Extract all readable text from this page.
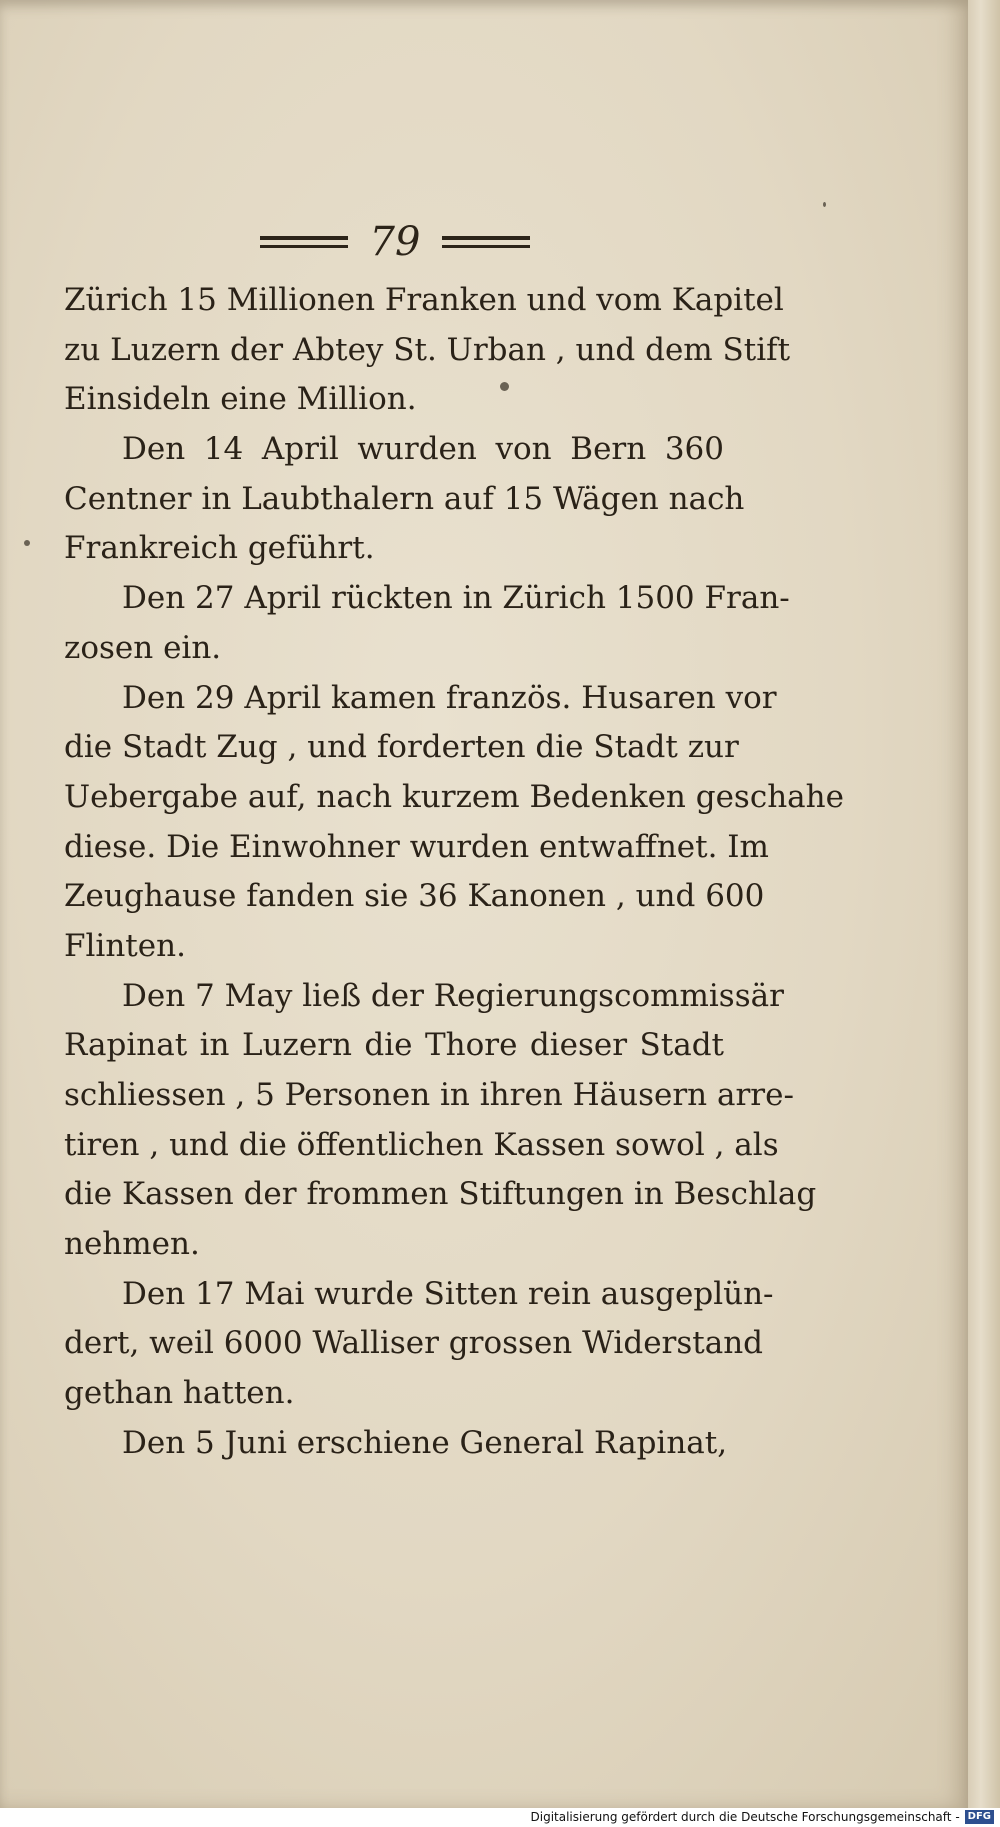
79
Zürich 15 Millionen Franken und vom Kapitel
zu Luzern der Abtey St. Urban , und dem Stift
Einsideln eine Million.
Den 14 April wurden von Bern 360
Centner in Laubthalern auf 15 Wägen nach
Frankreich geführt.
Den 27 April rückten in Zürich 1500 Fran-
zosen ein.
Den 29 April kamen französ. Husaren vor
die Stadt Zug , und forderten die Stadt zur
Uebergabe auf, nach kurzem Bedenken geschahe
diese. Die Einwohner wurden entwaffnet. Im
Zeughause fanden sie 36 Kanonen , und 600
Flinten.
Den 7 May ließ der Regierungscommissär
Rapinat in Luzern die Thore dieser Stadt
schliessen , 5 Personen in ihren Häusern arre-
tiren , und die öffentlichen Kassen sowol , als
die Kassen der frommen Stiftungen in Beschlag
nehmen.
Den 17 Mai wurde Sitten rein ausgeplün-
dert, weil 6000 Walliser grossen Widerstand
gethan hatten.
Den 5 Juni erschiene General Rapinat,
Digitalisierung gefördert durch die Deutsche Forschungsgemeinschaft - DFG
